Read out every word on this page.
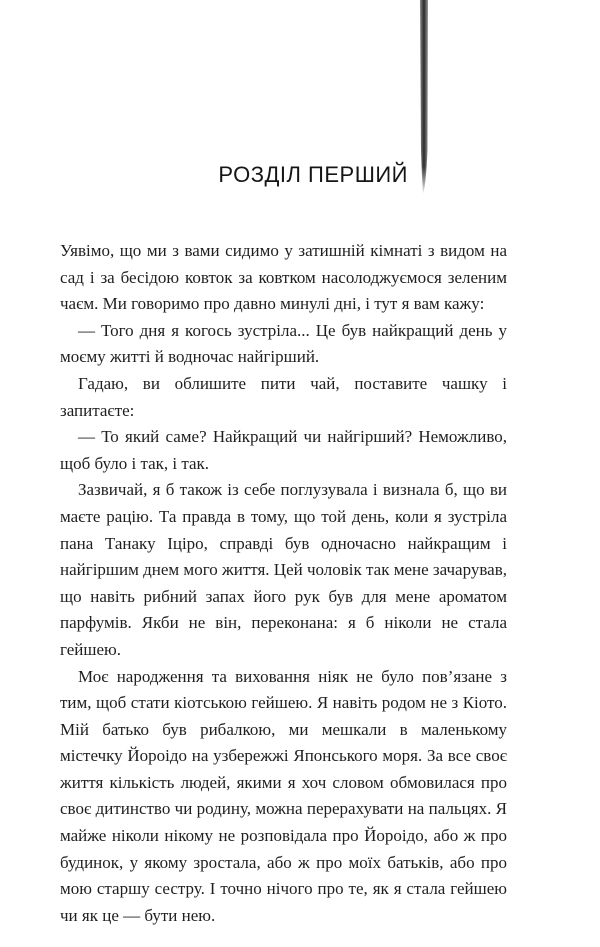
РОЗДІЛ ПЕРШИЙ

Уявімо, що ми з вами сидимо у затишній кімнаті з видом на сад і за бесідою ковток за ковтком насолоджуємося зеленим чаєм. Ми говоримо про давно минулі дні, і тут я вам кажу:

— Того дня я когось зустріла... Це був найкращий день у моєму житті й водночас найгірший.

Гадаю, ви облишите пити чай, поставите чашку і запитаєте:

— То який саме? Найкращий чи найгірший? Неможливо, щоб було і так, і так.

Зазвичай, я б також із себе поглузувала і визнала б, що ви маєте рацію. Та правда в тому, що той день, коли я зустріла пана Танаку Іціро, справді був одночасно найкращим і найгіршим днем мого життя. Цей чоловік так мене зачарував, що навіть рибний запах його рук був для мене ароматом парфумів. Якби не він, переконана: я б ніколи не стала гейшею.

Моє народження та виховання ніяк не було пов’язане з тим, щоб стати кіотською гейшею. Я навіть родом не з Кіото. Мій батько був рибалкою, ми мешкали в маленькому містечку Йороідо на узбережжі Японського моря. За все своє життя кількість людей, якими я хоч словом обмовилася про своє дитинство чи родину, можна перерахувати на пальцях. Я майже ніколи нікому не розповідала про Йороідо, або ж про будинок, у якому зростала, або ж про моїх батьків, або про мою старшу сестру. І точно нічого про те, як я стала гейшею чи як це — бути нею.
